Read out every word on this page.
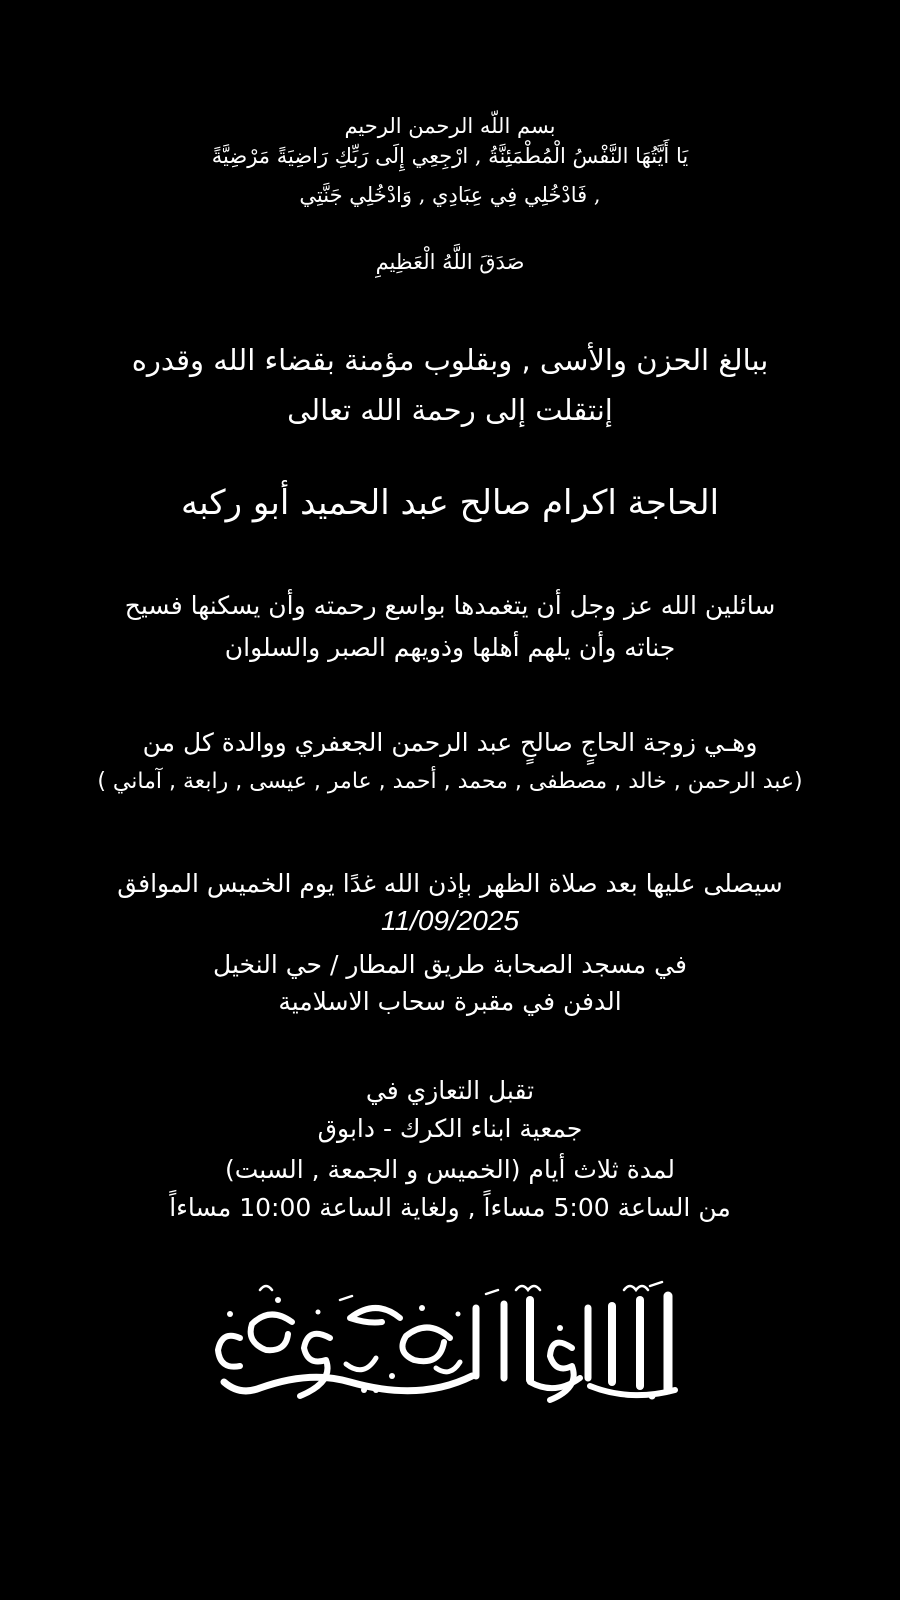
بسم اللّه الرحمن الرحيم
يَا أَيَّتُهَا النَّفْسُ الْمُطْمَئِنَّةُ , ارْجِعِي إِلَى رَبِّكِ رَاضِيَةً مَرْضِيَّةً
, فَادْخُلِي فِي عِبَادِي , وَادْخُلِي جَنَّتِي
صَدَقَ اللَّهُ الْعَظِيمِ
ببالغ الحزن والأسى , وبقلوب مؤمنة بقضاء الله وقدره
إنتقلت إلى رحمة الله تعالى
الحاجة اكرام صالح عبد الحميد أبو ركبه
سائلين الله عز وجل أن يتغمدها بواسع رحمته وأن يسكنها فسيح
جناته وأن يلهم أهلها وذويهم الصبر والسلوان
وهـي زوجة الحاجٍ صالحٍ عبد الرحمن الجعفري ووالدة كل من
(عبد الرحمن , خالد , مصطفى , محمد , أحمد , عامر , عيسى , رابعة , آماني )
سيصلى عليها بعد صلاة الظهر بإذن الله غدًا يوم الخميس الموافق
11/09/2025
في مسجد الصحابة طريق المطار / حي النخيل
الدفن في مقبرة سحاب الاسلامية
تقبل التعازي في
جمعية ابناء الكرك - دابوق
لمدة ثلاث أيام (الخميس و الجمعة , السبت)
من الساعة 5:00 مساءاً , ولغاية الساعة 10:00 مساءاً
